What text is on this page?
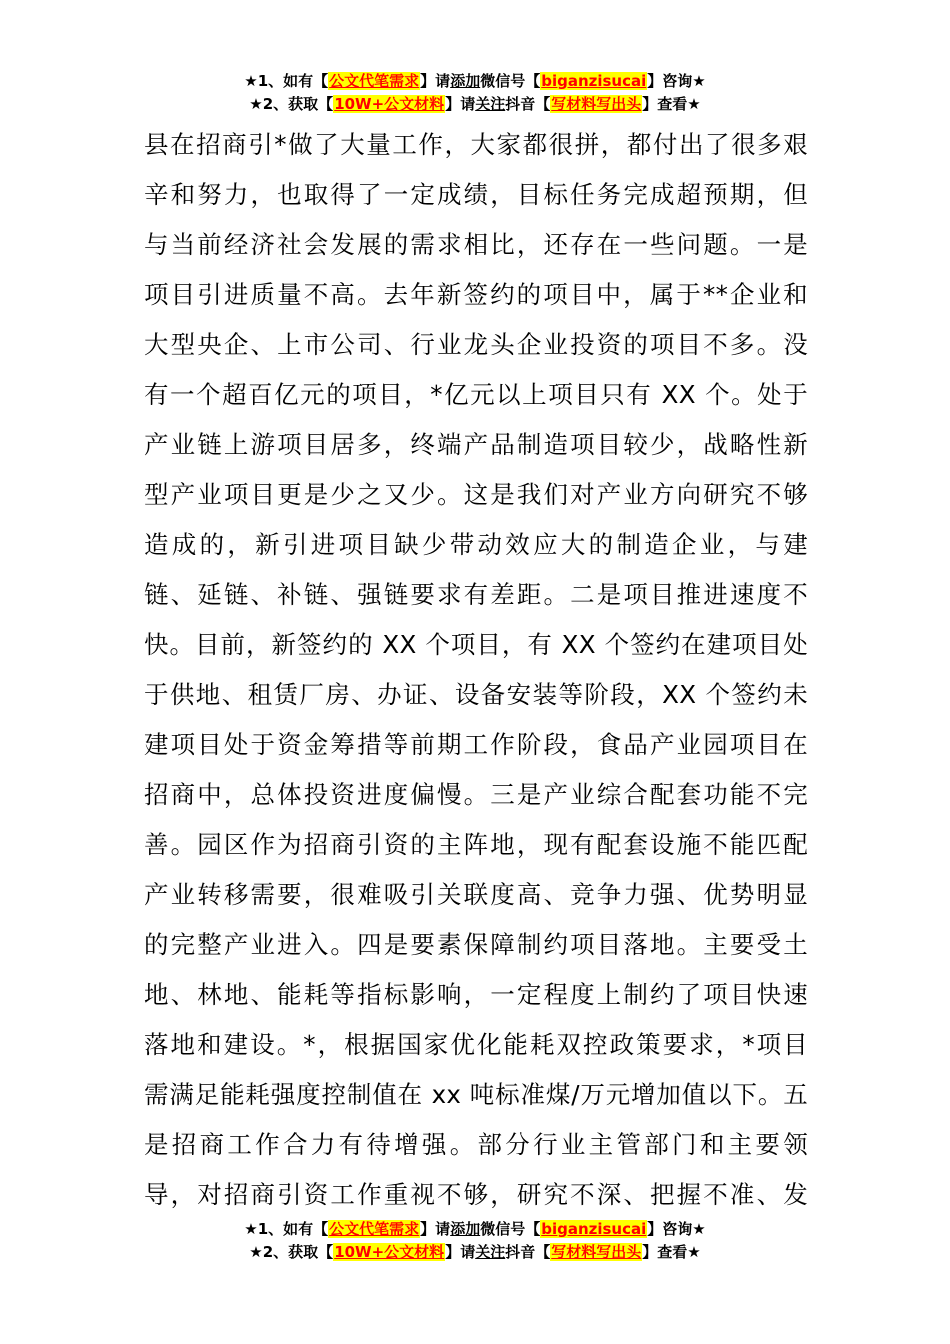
★1、如有【公文代笔需求】请添加微信号【biganzisucai】咨询★
★2、获取【10W+公文材料】请关注抖音【写材料写出头】查看★
县在招商引*做了大量工作，大家都很拼，都付出了很多艰
辛和努力，也取得了一定成绩，目标任务完成超预期，但
与当前经济社会发展的需求相比，还存在一些问题。一是
项目引进质量不高。去年新签约的项目中，属于**企业和
大型央企、上市公司、行业龙头企业投资的项目不多。没
有一个超百亿元的项目，*亿元以上项目只有 XX 个。处于
产业链上游项目居多，终端产品制造项目较少，战略性新
型产业项目更是少之又少。这是我们对产业方向研究不够
造成的，新引进项目缺少带动效应大的制造企业，与建
链、延链、补链、强链要求有差距。二是项目推进速度不
快。目前，新签约的 XX 个项目，有 XX 个签约在建项目处
于供地、租赁厂房、办证、设备安装等阶段，XX 个签约未
建项目处于资金筹措等前期工作阶段，食品产业园项目在
招商中，总体投资进度偏慢。三是产业综合配套功能不完
善。园区作为招商引资的主阵地，现有配套设施不能匹配
产业转移需要，很难吸引关联度高、竞争力强、优势明显
的完整产业进入。四是要素保障制约项目落地。主要受土
地、林地、能耗等指标影响，一定程度上制约了项目快速
落地和建设。*，根据国家优化能耗双控政策要求，*项目
需满足能耗强度控制值在 xx 吨标准煤/万元增加值以下。五
是招商工作合力有待增强。部分行业主管部门和主要领
导，对招商引资工作重视不够，研究不深、把握不准、发
★1、如有【公文代笔需求】请添加微信号【biganzisucai】咨询★
★2、获取【10W+公文材料】请关注抖音【写材料写出头】查看★
